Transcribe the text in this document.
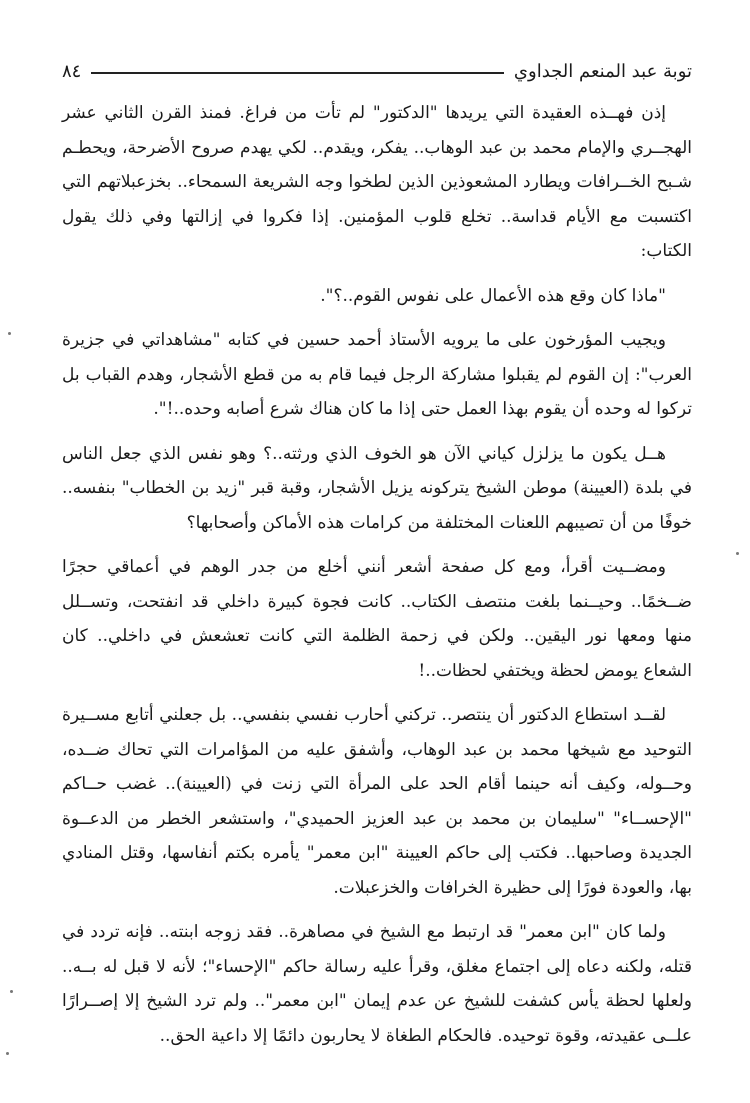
توبة عبد المنعم الجداوي
٨٤

إذن فهــذه العقيدة التي يريدها "الدكتور" لم تأت من فراغ. فمنذ القرن الثاني عشر الهجــري والإمام محمد بن عبد الوهاب.. يفكر، ويقدم.. لكي يهدم صروح الأضرحة، ويحطـم شـبح الخــرافات ويطارد المشعوذين الذين لطخوا وجه الشريعة السمحاء.. بخزعبلاتهم التي اكتسبت مع الأيام قداسة.. تخلع قلوب المؤمنين. إذا فكروا في إزالتها وفي ذلك يقول الكتاب:

"ماذا كان وقع هذه الأعمال على نفوس القوم..؟".

ويجيب المؤرخون على ما يرويه الأستاذ أحمد حسين في كتابه "مشاهداتي في جزيرة العرب": إن القوم لم يقبلوا مشاركة الرجل فيما قام به من قطع الأشجار، وهدم القباب بل تركوا له وحده أن يقوم بهذا العمل حتى إذا ما كان هناك شرع أصابه وحده..!".

هــل يكون ما يزلزل كياني الآن هو الخوف الذي ورثته..؟ وهو نفس الذي جعل الناس في بلدة (العيينة) موطن الشيخ يتركونه يزيل الأشجار، وقبة قبر "زيد بن الخطاب" بنفسه.. خوفًا من أن تصيبهم اللعنات المختلفة من كرامات هذه الأماكن وأصحابها؟

ومضــيت أقرأ، ومع كل صفحة أشعر أنني أخلع من جدر الوهم في أعماقي حجرًا ضــخمًا.. وحيــنما بلغت منتصف الكتاب.. كانت فجوة كبيرة داخلي قد انفتحت، وتســلل منها ومعها نور اليقين.. ولكن في زحمة الظلمة التي كانت تعشعش في داخلي.. كان الشعاع يومض لحظة ويختفي لحظات..!

لقــد استطاع الدكتور أن ينتصر.. تركني أحارب نفسي بنفسي.. بل جعلني أتابع مســيرة التوحيد مع شيخها محمد بن عبد الوهاب، وأشفق عليه من المؤامرات التي تحاك ضــده، وحــوله، وكيف أنه حينما أقام الحد على المرأة التي زنت في (العيينة).. غضب حــاكم "الإحســاء" "سليمان بن محمد بن عبد العزيز الحميدي"، واستشعر الخطر من الدعــوة الجديدة وصاحبها.. فكتب إلى حاكم العيينة "ابن معمر" يأمره بكتم أنفاسها، وقتل المنادي بها، والعودة فورًا إلى حظيرة الخرافات والخزعبلات.

ولما كان "ابن معمر" قد ارتبط مع الشيخ في مصاهرة.. فقد زوجه ابنته.. فإنه تردد في قتله، ولكنه دعاه إلى اجتماع مغلق، وقرأ عليه رسالة حاكم "الإحساء"؛ لأنه لا قبل له بــه.. ولعلها لحظة يأس كشفت للشيخ عن عدم إيمان "ابن معمر".. ولم ترد الشيخ إلا إصــرارًا علــى عقيدته، وقوة توحيده. فالحكام الطغاة لا يحاربون دائمًا إلا داعية الحق..
